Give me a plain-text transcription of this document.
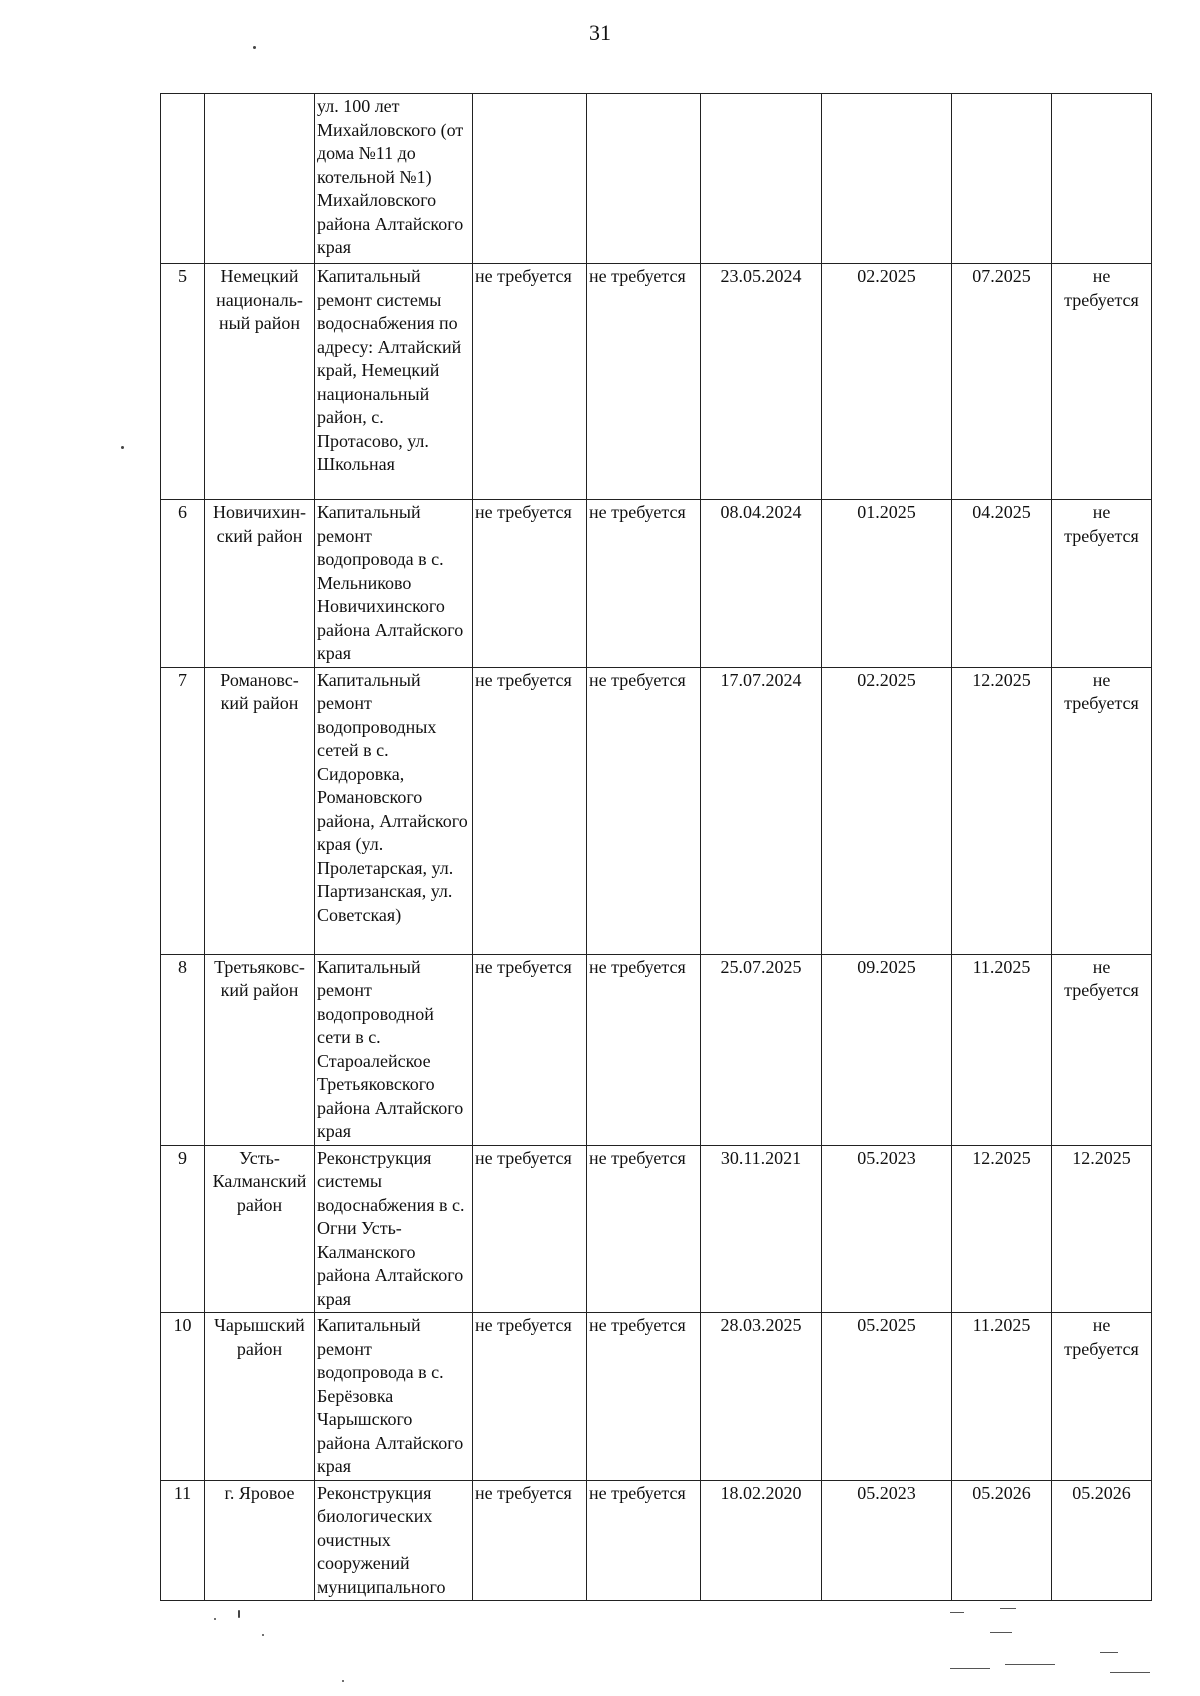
31
		ул. 100 лет Михайловского (от дома №11 до котельной №1) Михайловского района Алтайского края						
5	Немецкий националь-ный район	Капитальный ремонт системы водоснабжения по адресу: Алтайский край, Немецкий национальный район, с. Протасово, ул. Школьная	не требуется	не требуется	23.05.2024	02.2025	07.2025	не требуется
6	Новичихин-ский район	Капитальный ремонт водопровода в с. Мельниково Новичихинского района Алтайского края	не требуется	не требуется	08.04.2024	01.2025	04.2025	не требуется
7	Романовс-кий район	Капитальный ремонт водопроводных сетей в с. Сидоровка, Романовского района, Алтайского края (ул. Пролетарская, ул. Партизанская, ул. Советская)	не требуется	не требуется	17.07.2024	02.2025	12.2025	не требуется
8	Третьяковс-кий район	Капитальный ремонт водопроводной сети в с. Староалейское Третьяковского района Алтайского края	не требуется	не требуется	25.07.2025	09.2025	11.2025	не требуется
9	Усть-Калманский район	Реконструкция системы водоснабжения в с. Огни Усть-Калманского района Алтайского края	не требуется	не требуется	30.11.2021	05.2023	12.2025	12.2025
10	Чарышский район	Капитальный ремонт водопровода в с. Берёзовка Чарышского района Алтайского края	не требуется	не требуется	28.03.2025	05.2025	11.2025	не требуется
11	г. Яровое	Реконструкция биологических очистных сооружений муниципального	не требуется	не требуется	18.02.2020	05.2023	05.2026	05.2026
